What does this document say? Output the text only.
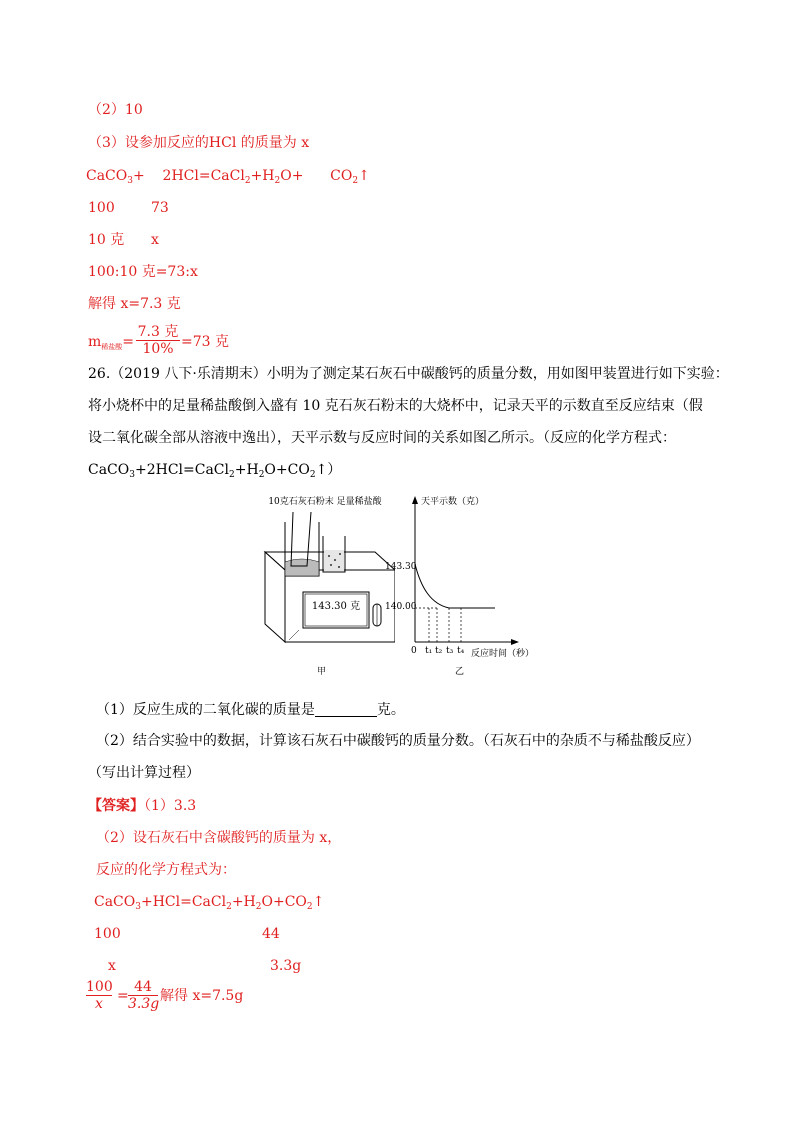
（2）10
（3）设参加反应的HCl 的质量为 x
CaCO$_3$+ $2HCl=CaCl_2+H_2O+$ $CO_2↑$
100	73
10 克 x
100:10 克=73:x
解得 x=7.3 克
$m_{稀盐酸}=$
7.3 克
10% =73 克
26.（2019 八下·乐清期末）小明为了测定某石灰石中碳酸钙的质量分数，用如图甲装置进行如下实验：
将小烧杯中的足量稀盐酸倒入盛有 10 克石灰石粉末的大烧杯中，记录天平的示数直至反应结束（假
设二氧化碳全部从溶液中逸出），天平示数与反应时间的关系如图乙所示。（反应的化学方程式：
$CaCO_3+2HCl=CaCl_2+H_2O+CO_2↑$）
10克石灰石粉末 足量稀盐酸
143.30 克
甲
天平示数（克）
143.30
140.00
0 t₁ t₂ t₃ t₄ 反应时间（秒）
乙
（1）反应生成的二氧化碳的质量是	克。
（2）结合实验中的数据，计算该石灰石中碳酸钙的质量分数。（石灰石中的杂质不与稀盐酸反应）
（写出计算过程）
【答案】（1）3.3
（2）设石灰石中含碳酸钙的质量为 x，
反应的化学方程式为：
$CaCO_3+HCl=CaCl_2+H_2O+CO_2↑$
100	44
x	3.3g
100
x	=
44
3.3g 解得 x=7.5g
